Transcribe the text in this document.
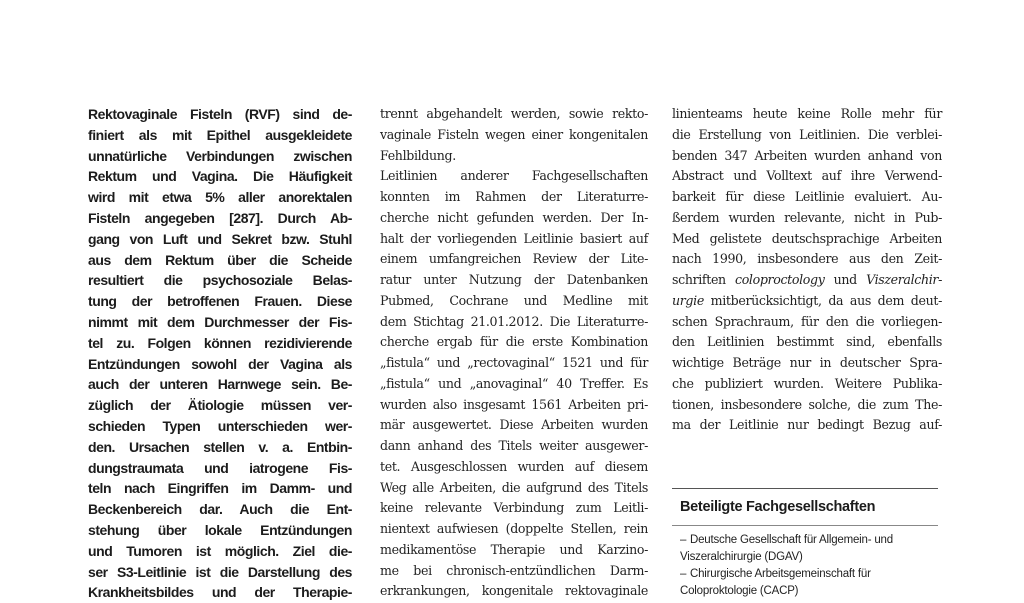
Rektovaginale Fisteln (RVF) sind de-
finiert als mit Epithel ausgekleidete
unnatürliche Verbindungen zwischen
Rektum und Vagina. Die Häufigkeit
wird mit etwa 5% aller anorektalen
Fisteln angegeben [287]. Durch Ab-
gang von Luft und Sekret bzw. Stuhl
aus dem Rektum über die Scheide
resultiert die psychosoziale Belas-
tung der betroffenen Frauen. Diese
nimmt mit dem Durchmesser der Fis-
tel zu. Folgen können rezidivierende
Entzündungen sowohl der Vagina als
auch der unteren Harnwege sein. Be-
züglich der Ätiologie müssen ver-
schieden Typen unterschieden wer-
den. Ursachen stellen v. a. Entbin-
dungstraumata und iatrogene Fis-
teln nach Eingriffen im Damm- und
Beckenbereich dar. Auch die Ent-
stehung über lokale Entzündungen
und Tumoren ist möglich. Ziel die-
ser S3-Leitlinie ist die Darstellung des
Krankheitsbildes und der Therapie-

trennt abgehandelt werden, sowie rekto-
vaginale Fisteln wegen einer kongenitalen
Fehlbildung.
Leitlinien anderer Fachgesellschaften
konnten im Rahmen der Literaturre-
cherche nicht gefunden werden. Der In-
halt der vorliegenden Leitlinie basiert auf
einem umfangreichen Review der Lite-
ratur unter Nutzung der Datenbanken
Pubmed, Cochrane und Medline mit
dem Stichtag 21.01.2012. Die Literaturre-
cherche ergab für die erste Kombination
„fistula“ und „rectovaginal“ 1521 und für
„fistula“ und „anovaginal“ 40 Treffer. Es
wurden also insgesamt 1561 Arbeiten pri-
mär ausgewertet. Diese Arbeiten wurden
dann anhand des Titels weiter ausgewer-
tet. Ausgeschlossen wurden auf diesem
Weg alle Arbeiten, die aufgrund des Titels
keine relevante Verbindung zum Leitli-
nientext aufwiesen (doppelte Stellen, rein
medikamentöse Therapie und Karzino-
me bei chronisch-entzündlichen Darm-
erkrankungen, kongenitale rektovaginale

linienteams heute keine Rolle mehr für
die Erstellung von Leitlinien. Die verblei-
benden 347 Arbeiten wurden anhand von
Abstract und Volltext auf ihre Verwend-
barkeit für diese Leitlinie evaluiert. Au-
ßerdem wurden relevante, nicht in Pub-
Med gelistete deutschsprachige Arbeiten
nach 1990, insbesondere aus den Zeit-
schriften coloproctology und Viszeralchir-
urgie mitberücksichtigt, da aus dem deut-
schen Sprachraum, für den die vorliegen-
den Leitlinien bestimmt sind, ebenfalls
wichtige Beträge nur in deutscher Spra-
che publiziert wurden. Weitere Publika-
tionen, insbesondere solche, die zum The-
ma der Leitlinie nur bedingt Bezug auf-

Beteiligte Fachgesellschaften
– Deutsche Gesellschaft für Allgemein- und
Viszeralchirurgie (DGAV)
– Chirurgische Arbeitsgemeinschaft für
Coloproktologie (CACP)
